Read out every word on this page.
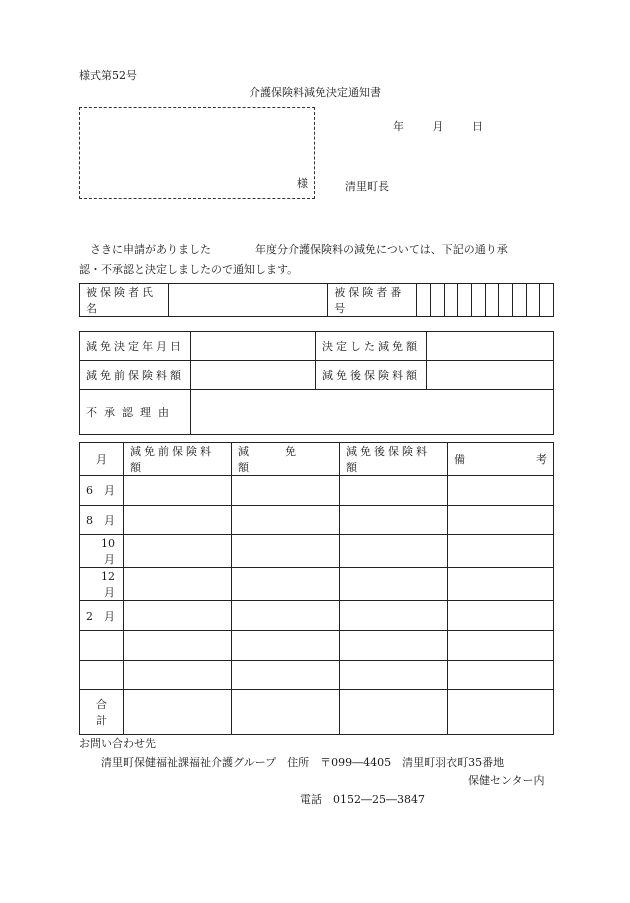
様式第52号
介護保険料減免決定通知書
年	月	日
様	清里町長
さきに申請がありました　　　　年度分介護保険料の減免については、下記の通り承
認・不承認と決定しましたので通知します。
被保険者氏名		被保険者番号										
減免決定年月日		決定した減免額	
減免前保険料額		減免後保険料額	
不承認理由			
月	減免前保険料額	減 免額	減免後保険料額	備 考

6　月				
8　月				
10　月				
12　月				
2　月				

合　計				
お問い合わせ先
清里町保健福祉課福祉介護グループ　住所　〒099―4405　清里町羽衣町35番地
保健センター内
電話　0152―25―3847
